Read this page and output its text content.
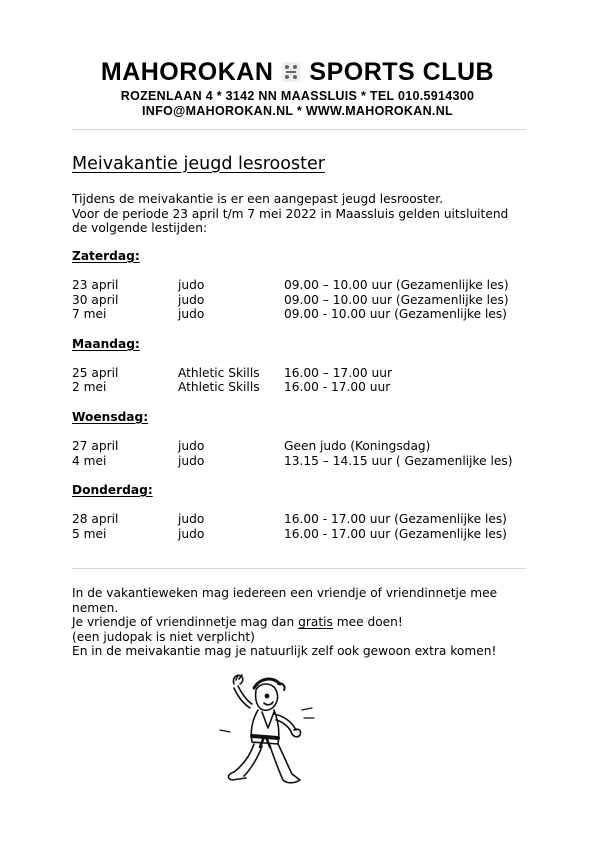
MAHOROKAN SPORTS CLUB
ROZENLAAN 4 * 3142 NN MAASSLUIS * TEL 010.5914300
INFO@MAHOROKAN.NL * WWW.MAHOROKAN.NL
Meivakantie jeugd lesrooster
Tijdens de meivakantie is er een aangepast jeugd lesrooster.
Voor de periode 23 april t/m 7 mei 2022 in Maassluis gelden uitsluitend
de volgende lestijden:
Zaterdag:
23 april	judo	09.00 – 10.00 uur (Gezamenlijke les)
30 april	judo	09.00 – 10.00 uur (Gezamenlijke les)
7 mei	judo	09.00 - 10.00 uur (Gezamenlijke les)
Maandag:
25 april	Athletic Skills 16.00 – 17.00 uur
2 mei	Athletic Skills 16.00 - 17.00 uur
Woensdag:
27 april	judo	Geen judo (Koningsdag)
4 mei	judo	13.15 – 14.15 uur ( Gezamenlijke les)
Donderdag:
28 april	judo	16.00 - 17.00 uur (Gezamenlijke les)
5 mei	judo	16.00 - 17.00 uur (Gezamenlijke les)
In de vakantieweken mag iedereen een vriendje of vriendinnetje mee
nemen.
Je vriendje of vriendinnetje mag dan gratis mee doen!
(een judopak is niet verplicht)
En in de meivakantie mag je natuurlijk zelf ook gewoon extra komen!
